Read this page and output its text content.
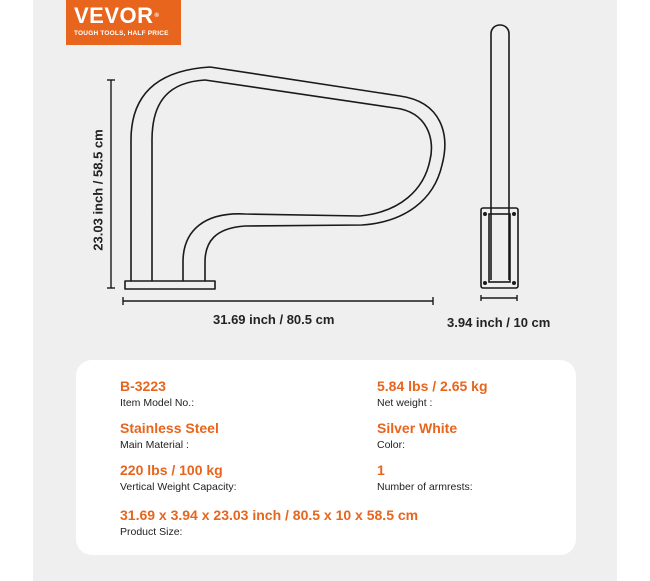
VEVOR®
TOUGH TOOLS, HALF PRICE
23.03 inch / 58.5 cm
31.69 inch / 80.5 cm	3.94 inch / 10 cm
B-3223
Item Model No.:
5.84 lbs / 2.65 kg
Net weight :
Stainless Steel
Main Material :
Silver White
Color:
220 lbs / 100 kg
Vertical Weight Capacity:
1
Number of armrests:
31.69 x 3.94 x 23.03 inch / 80.5 x 10 x 58.5 cm
Product Size:
